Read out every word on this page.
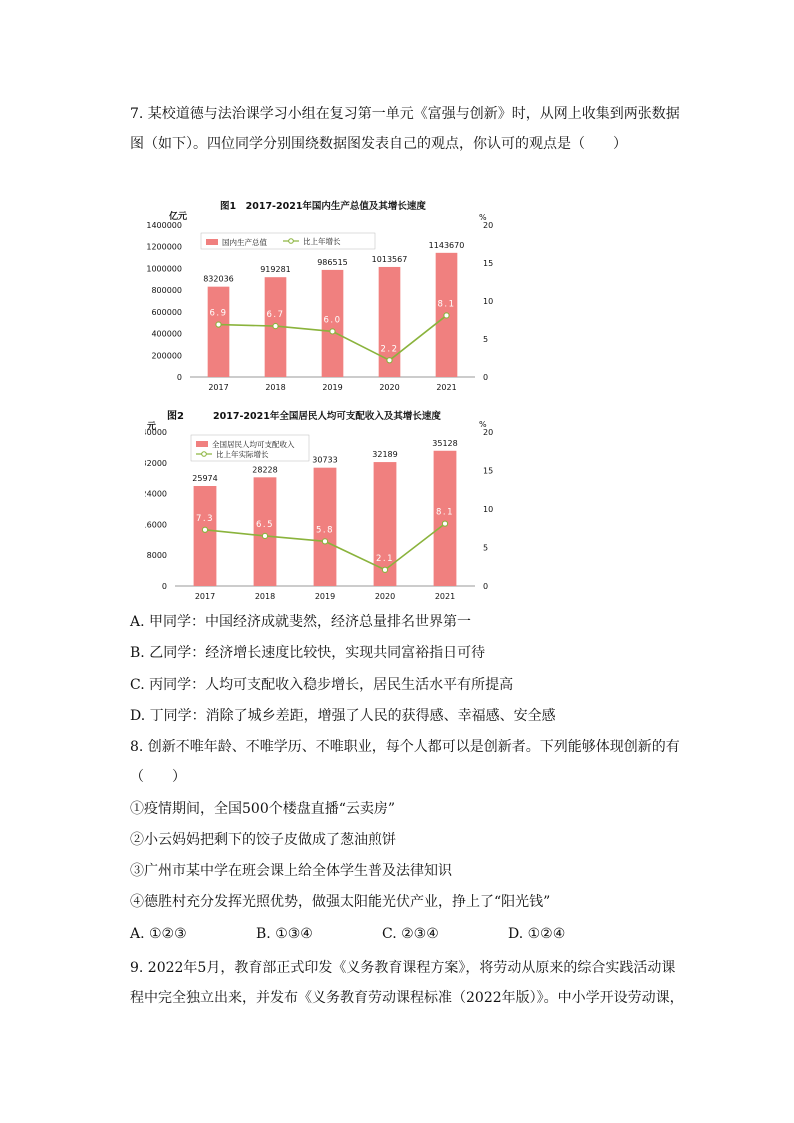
7. 某校道德与法治课学习小组在复习第一单元《富强与创新》时，从网上收集到两张数据
图（如下）。四位同学分别围绕数据图发表自己的观点，你认可的观点是（　　）
图1　2017-2021年国内生产总值及其增长速度
亿元	%
国内生产总值	比上年增长
0
200000
400000
600000
800000
1000000
1200000
1400000
0
5
10
15
20
832036
2017
919281
2018
986515
2019
1013567
2020
1143670
2021
6.9	6.7
6.0
2.2
8.1
2017-2021年全国居民人均可支配收入及其增长速度
图2
元	%
全国居民人均可支配收入
比上年实际增长
0
8000
6000
4000
2000
0000
0
5
10
15
20
25974
2017
28228
2018
30733
2019
32189
2020
35128
2021
7.3
6.5
5.8
2.1
8.1
A. 甲同学：中国经济成就斐然，经济总量排名世界第一
B. 乙同学：经济增长速度比较快，实现共同富裕指日可待
C. 丙同学：人均可支配收入稳步增长，居民生活水平有所提高
D. 丁同学：消除了城乡差距，增强了人民的获得感、幸福感、安全感
8. 创新不唯年龄、不唯学历、不唯职业，每个人都可以是创新者。下列能够体现创新的有
（　　）
①疫情期间，全国500个楼盘直播“云卖房”
②小云妈妈把剩下的饺子皮做成了葱油煎饼
③广州市某中学在班会课上给全体学生普及法律知识
④德胜村充分发挥光照优势，做强太阳能光伏产业，挣上了“阳光钱”
A. ①②③	B. ①③④	C. ②③④	D. ①②④
9. 2022年5月，教育部正式印发《义务教育课程方案》，将劳动从原来的综合实践活动课
程中完全独立出来，并发布《义务教育劳动课程标准（2022年版）》。中小学开设劳动课，
